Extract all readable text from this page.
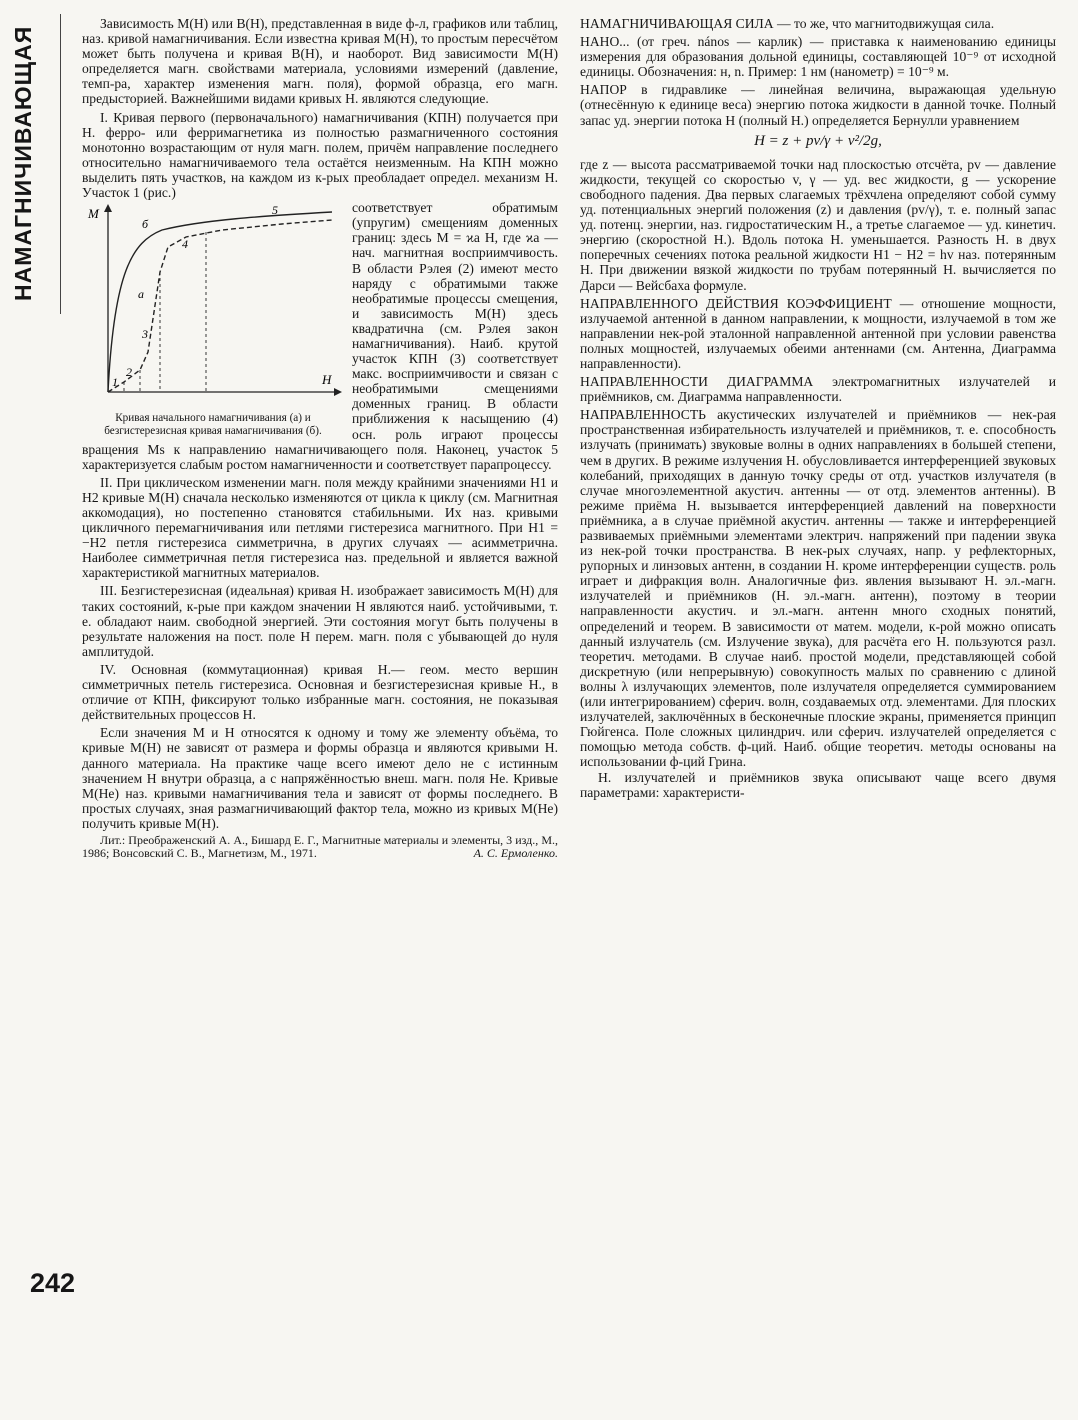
НАМАГНИЧИВАЮЩАЯ
242

Зависимость M(H) или B(H), представленная в виде ф-л, графиков или таблиц, наз. кривой намагничивания. Если известна кривая M(H), то простым пересчётом может быть получена и кривая B(H), и наоборот. Вид зависимости M(H) определяется магн. свойствами материала, условиями измерений (давление, темп-ра, характер изменения магн. поля), формой образца, его магн. предысторией. Важнейшими видами кривых Н. являются следующие.

I. Кривая первого (первоначального) намагничивания (КПН) получается при Н. ферро- или ферримагнетика из полностью размагниченного состояния монотонно возрастающим от нуля магн. полем, причём направление последнего относительно намагничиваемого тела остаётся неизменным. На КПН можно выделить пять участков, на каждом из к-рых преобладает определ. механизм Н. Участок 1 (рис.)

M
H
1
2
3
4
5
а
б
Кривая начального намагничивания (а) и безгистерезисная кривая намагничивания (б).

соответствует обратимым (упругим) смещениям доменных границ: здесь M = ϰa H, где ϰa — нач. магнитная восприимчивость. В области Рэлея (2) имеют место наряду с обратимыми также необратимые процессы смещения, и зависимость M(H) здесь квадратична (см. Рэлея закон намагничивания). Наиб. крутой участок КПН (3) соответствует макс. восприимчивости и связан с необратимыми смещениями доменных границ. В области приближения к насыщению (4) осн. роль играют процессы вращения Ms к направлению намагничивающего поля. Наконец, участок 5 характеризуется слабым ростом намагниченности и соответствует парапроцессу.

II. При циклическом изменении магн. поля между крайними значениями H1 и H2 кривые M(H) сначала несколько изменяются от цикла к циклу (см. Магнитная аккомодация), но постепенно становятся стабильными. Их наз. кривыми цикличного перемагничивания или петлями гистерезиса магнитного. При H1 = −H2 петля гистерезиса симметрична, в других случаях — асимметрична. Наиболее симметричная петля гистерезиса наз. предельной и является важной характеристикой магнитных материалов.

III. Безгистерезисная (идеальная) кривая Н. изображает зависимость M(H) для таких состояний, к-рые при каждом значении H являются наиб. устойчивыми, т. е. обладают наим. свободной энергией. Эти состояния могут быть получены в результате наложения на пост. поле H перем. магн. поля с убывающей до нуля амплитудой.

IV. Основная (коммутационная) кривая Н.— геом. место вершин симметричных петель гистерезиса. Основная и безгистерезисная кривые Н., в отличие от КПН, фиксируют только избранные магн. состояния, не показывая действительных процессов Н.

Если значения M и H относятся к одному и тому же элементу объёма, то кривые M(H) не зависят от размера и формы образца и являются кривыми Н. данного материала. На практике чаще всего имеют дело не с истинным значением H внутри образца, а с напряжённостью внеш. магн. поля He. Кривые M(He) наз. кривыми намагничивания тела и зависят от формы последнего. В простых случаях, зная размагничивающий фактор тела, можно из кривых M(He) получить кривые M(H).

Лит.: Преображенский А. А., Бишард Е. Г., Магнитные материалы и элементы, 3 изд., М., 1986; Вонсовский С. В., Магнетизм, М., 1971.	А. С. Ермоленко.

НАМАГНИЧИВАЮЩАЯ СИЛА — то же, что магнитодвижущая сила.

НАНО... (от греч. nános — карлик) — приставка к наименованию единицы измерения для образования дольной единицы, составляющей 10⁻⁹ от исходной единицы. Обозначения: н, n. Пример: 1 нм (нанометр) = 10⁻⁹ м.

НАПОР в гидравлике — линейная величина, выражающая удельную (отнесённую к единице веса) энергию потока жидкости в данной точке. Полный запас уд. энергии потока H (полный Н.) определяется Бернулли уравнением

H = z + pv/γ + v²/2g,

где z — высота рассматриваемой точки над плоскостью отсчёта, pv — давление жидкости, текущей со скоростью v, γ — уд. вес жидкости, g — ускорение свободного падения. Два первых слагаемых трёхчлена определяют собой сумму уд. потенциальных энергий положения (z) и давления (pv/γ), т. е. полный запас уд. потенц. энергии, наз. гидростатическим Н., а третье слагаемое — уд. кинетич. энергию (скоростной Н.). Вдоль потока Н. уменьшается. Разность Н. в двух поперечных сечениях потока реальной жидкости H1 − H2 = hv наз. потерянным Н. При движении вязкой жидкости по трубам потерянный Н. вычисляется по Дарси — Вейсбаха формуле.

НАПРАВЛЕННОГО ДЕЙСТВИЯ КОЭФФИЦИЕНТ — отношение мощности, излучаемой антенной в данном направлении, к мощности, излучаемой в том же направлении нек-рой эталонной направленной антенной при условии равенства полных мощностей, излучаемых обеими антеннами (см. Антенна, Диаграмма направленности).

НАПРАВЛЕННОСТИ ДИАГРАММА электромагнитных излучателей и приёмников, см. Диаграмма направленности.

НАПРАВЛЕННОСТЬ акустических излучателей и приёмников — нек-рая пространственная избирательность излучателей и приёмников, т. е. способность излучать (принимать) звуковые волны в одних направлениях в большей степени, чем в других. В режиме излучения Н. обусловливается интерференцией звуковых колебаний, приходящих в данную точку среды от отд. участков излучателя (в случае многоэлементной акустич. антенны — от отд. элементов антенны). В режиме приёма Н. вызывается интерференцией давлений на поверхности приёмника, а в случае приёмной акустич. антенны — также и интерференцией развиваемых приёмными элементами электрич. напряжений при падении звука из нек-рой точки пространства. В нек-рых случаях, напр. у рефлекторных, рупорных и линзовых антенн, в создании Н. кроме интерференции существ. роль играет и дифракция волн. Аналогичные физ. явления вызывают Н. эл.-магн. излучателей и приёмников (Н. эл.-магн. антенн), поэтому в теории направленности акустич. и эл.-магн. антенн много сходных понятий, определений и теорем. В зависимости от матем. модели, к-рой можно описать данный излучатель (см. Излучение звука), для расчёта его Н. пользуются разл. теоретич. методами. В случае наиб. простой модели, представляющей собой дискретную (или непрерывную) совокупность малых по сравнению с длиной волны λ излучающих элементов, поле излучателя определяется суммированием (или интегрированием) сферич. волн, создаваемых отд. элементами. Для плоских излучателей, заключённых в бесконечные плоские экраны, применяется принцип Гюйгенса. Поле сложных цилиндрич. или сферич. излучателей определяется с помощью метода собств. ф-ций. Наиб. общие теоретич. методы основаны на использовании ф-ций Грина.

Н. излучателей и приёмников звука описывают чаще всего двумя параметрами: характеристи-
